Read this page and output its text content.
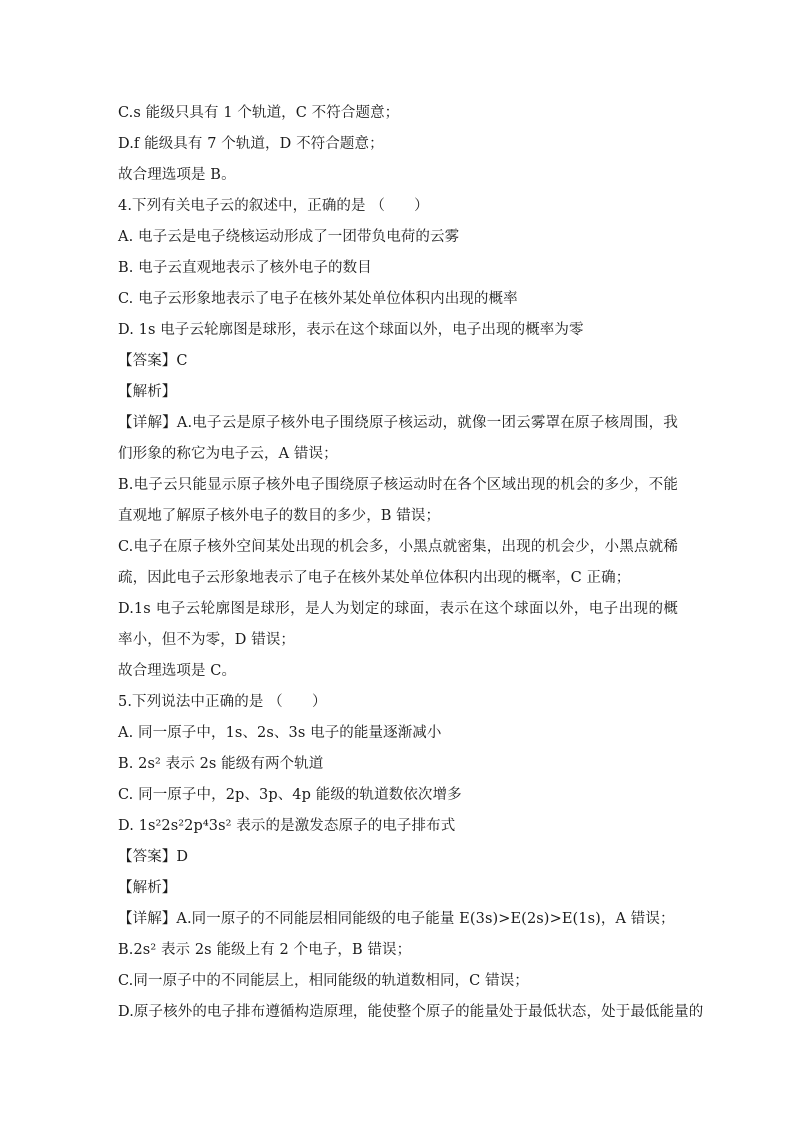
C.s 能级只具有 1 个轨道，C 不符合题意；
D.f 能级具有 7 个轨道，D 不符合题意；
故合理选项是 B。
4.下列有关电子云的叙述中，正确的是 （　　）
A. 电子云是电子绕核运动形成了一团带负电荷的云雾
B. 电子云直观地表示了核外电子的数目
C. 电子云形象地表示了电子在核外某处单位体积内出现的概率
D. 1s 电子云轮廓图是球形，表示在这个球面以外，电子出现的概率为零
【答案】C
【解析】
【详解】A.电子云是原子核外电子围绕原子核运动，就像一团云雾罩在原子核周围，我们形象的称它为电子云，A 错误；
B.电子云只能显示原子核外电子围绕原子核运动时在各个区域出现的机会的多少，不能直观地了解原子核外电子的数目的多少，B 错误；
C.电子在原子核外空间某处出现的机会多，小黑点就密集，出现的机会少，小黑点就稀疏，因此电子云形象地表示了电子在核外某处单位体积内出现的概率，C 正确；
D.1s 电子云轮廓图是球形，是人为划定的球面，表示在这个球面以外，电子出现的概率小，但不为零，D 错误；
故合理选项是 C。
5.下列说法中正确的是 （　　）
A. 同一原子中，1s、2s、3s 电子的能量逐渐减小
B. 2s² 表示 2s 能级有两个轨道
C. 同一原子中，2p、3p、4p 能级的轨道数依次增多
D. 1s²2s²2p⁴3s² 表示的是激发态原子的电子排布式
【答案】D
【解析】
【详解】A.同一原子的不同能层相同能级的电子能量 E(3s)>E(2s)>E(1s)，A 错误；
B.2s² 表示 2s 能级上有 2 个电子，B 错误；
C.同一原子中的不同能层上，相同能级的轨道数相同，C 错误；
D.原子核外的电子排布遵循构造原理，能使整个原子的能量处于最低状态，处于最低能量的
